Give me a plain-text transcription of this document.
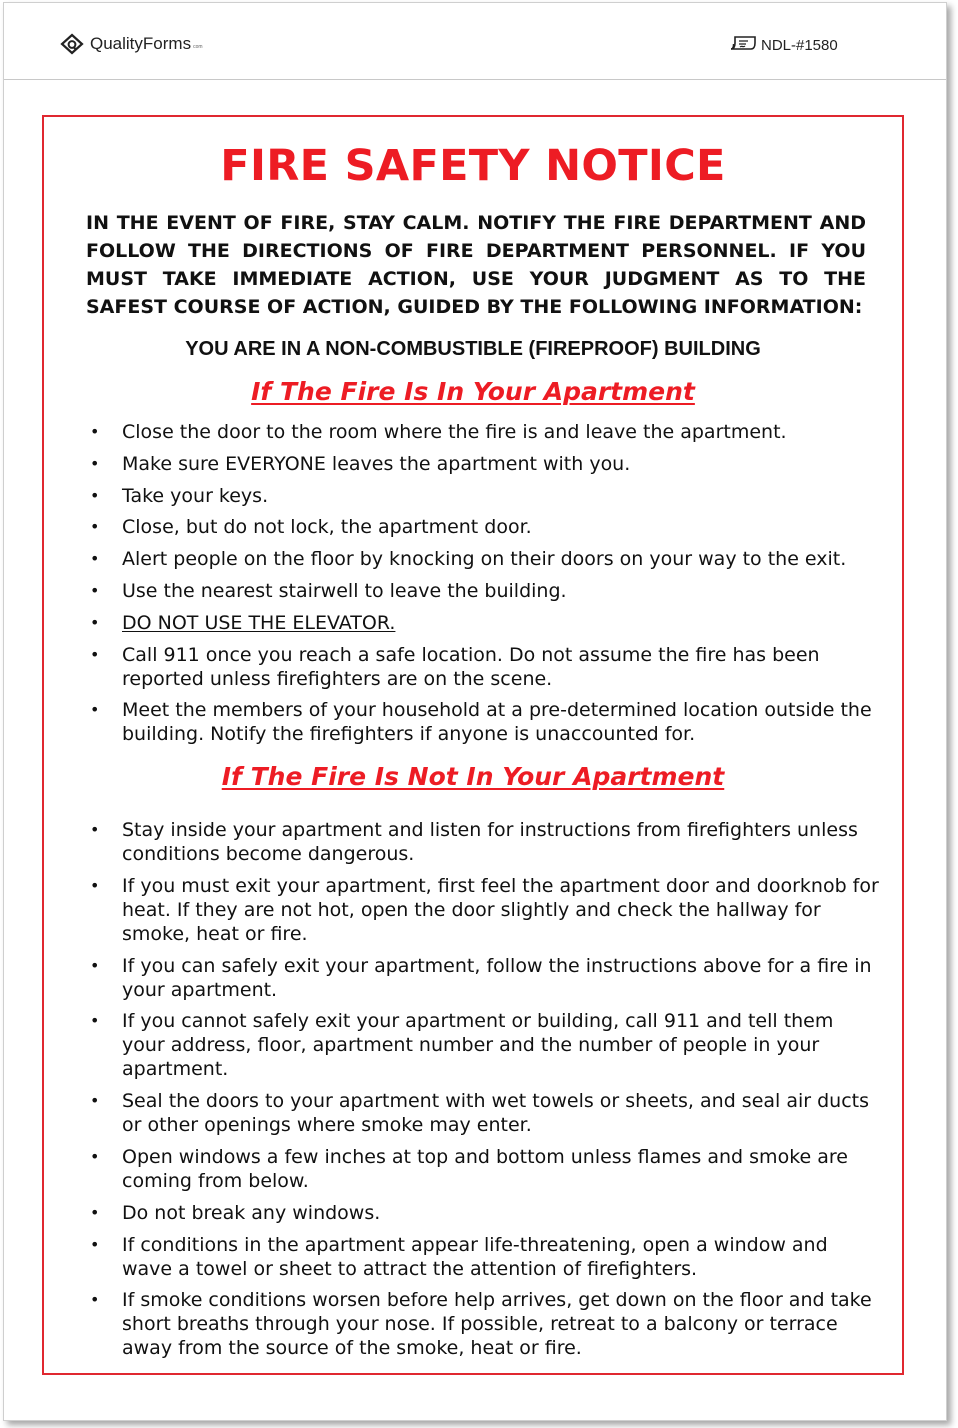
QualityForms com	NDL-#1580
FIRE SAFETY NOTICE
IN THE EVENT OF FIRE, STAY CALM. NOTIFY THE FIRE DEPARTMENT AND FOLLOW THE DIRECTIONS OF FIRE DEPARTMENT PERSONNEL. IF YOU MUST TAKE IMMEDIATE ACTION, USE YOUR JUDGMENT AS TO THE SAFEST COURSE OF ACTION, GUIDED BY THE FOLLOWING INFORMATION:
YOU ARE IN A NON-COMBUSTIBLE (FIREPROOF) BUILDING
If The Fire Is In Your Apartment
• Close the door to the room where the fire is and leave the apartment.
• Make sure EVERYONE leaves the apartment with you.
• Take your keys.
• Close, but do not lock, the apartment door.
• Alert people on the floor by knocking on their doors on your way to the exit.
• Use the nearest stairwell to leave the building.
• DO NOT USE THE ELEVATOR.
• Call 911 once you reach a safe location. Do not assume the fire has been reported unless firefighters are on the scene.
• Meet the members of your household at a pre-determined location outside the building. Notify the firefighters if anyone is unaccounted for.
If The Fire Is Not In Your Apartment
• Stay inside your apartment and listen for instructions from firefighters unless conditions become dangerous.
• If you must exit your apartment, first feel the apartment door and doorknob for heat. If they are not hot, open the door slightly and check the hallway for smoke, heat or fire.
• If you can safely exit your apartment, follow the instructions above for a fire in your apartment.
• If you cannot safely exit your apartment or building, call 911 and tell them your address, floor, apartment number and the number of people in your apartment.
• Seal the doors to your apartment with wet towels or sheets, and seal air ducts or other openings where smoke may enter.
• Open windows a few inches at top and bottom unless flames and smoke are coming from below.
• Do not break any windows.
• If conditions in the apartment appear life-threatening, open a window and wave a towel or sheet to attract the attention of firefighters.
• If smoke conditions worsen before help arrives, get down on the floor and take short breaths through your nose. If possible, retreat to a balcony or terrace away from the source of the smoke, heat or fire.
